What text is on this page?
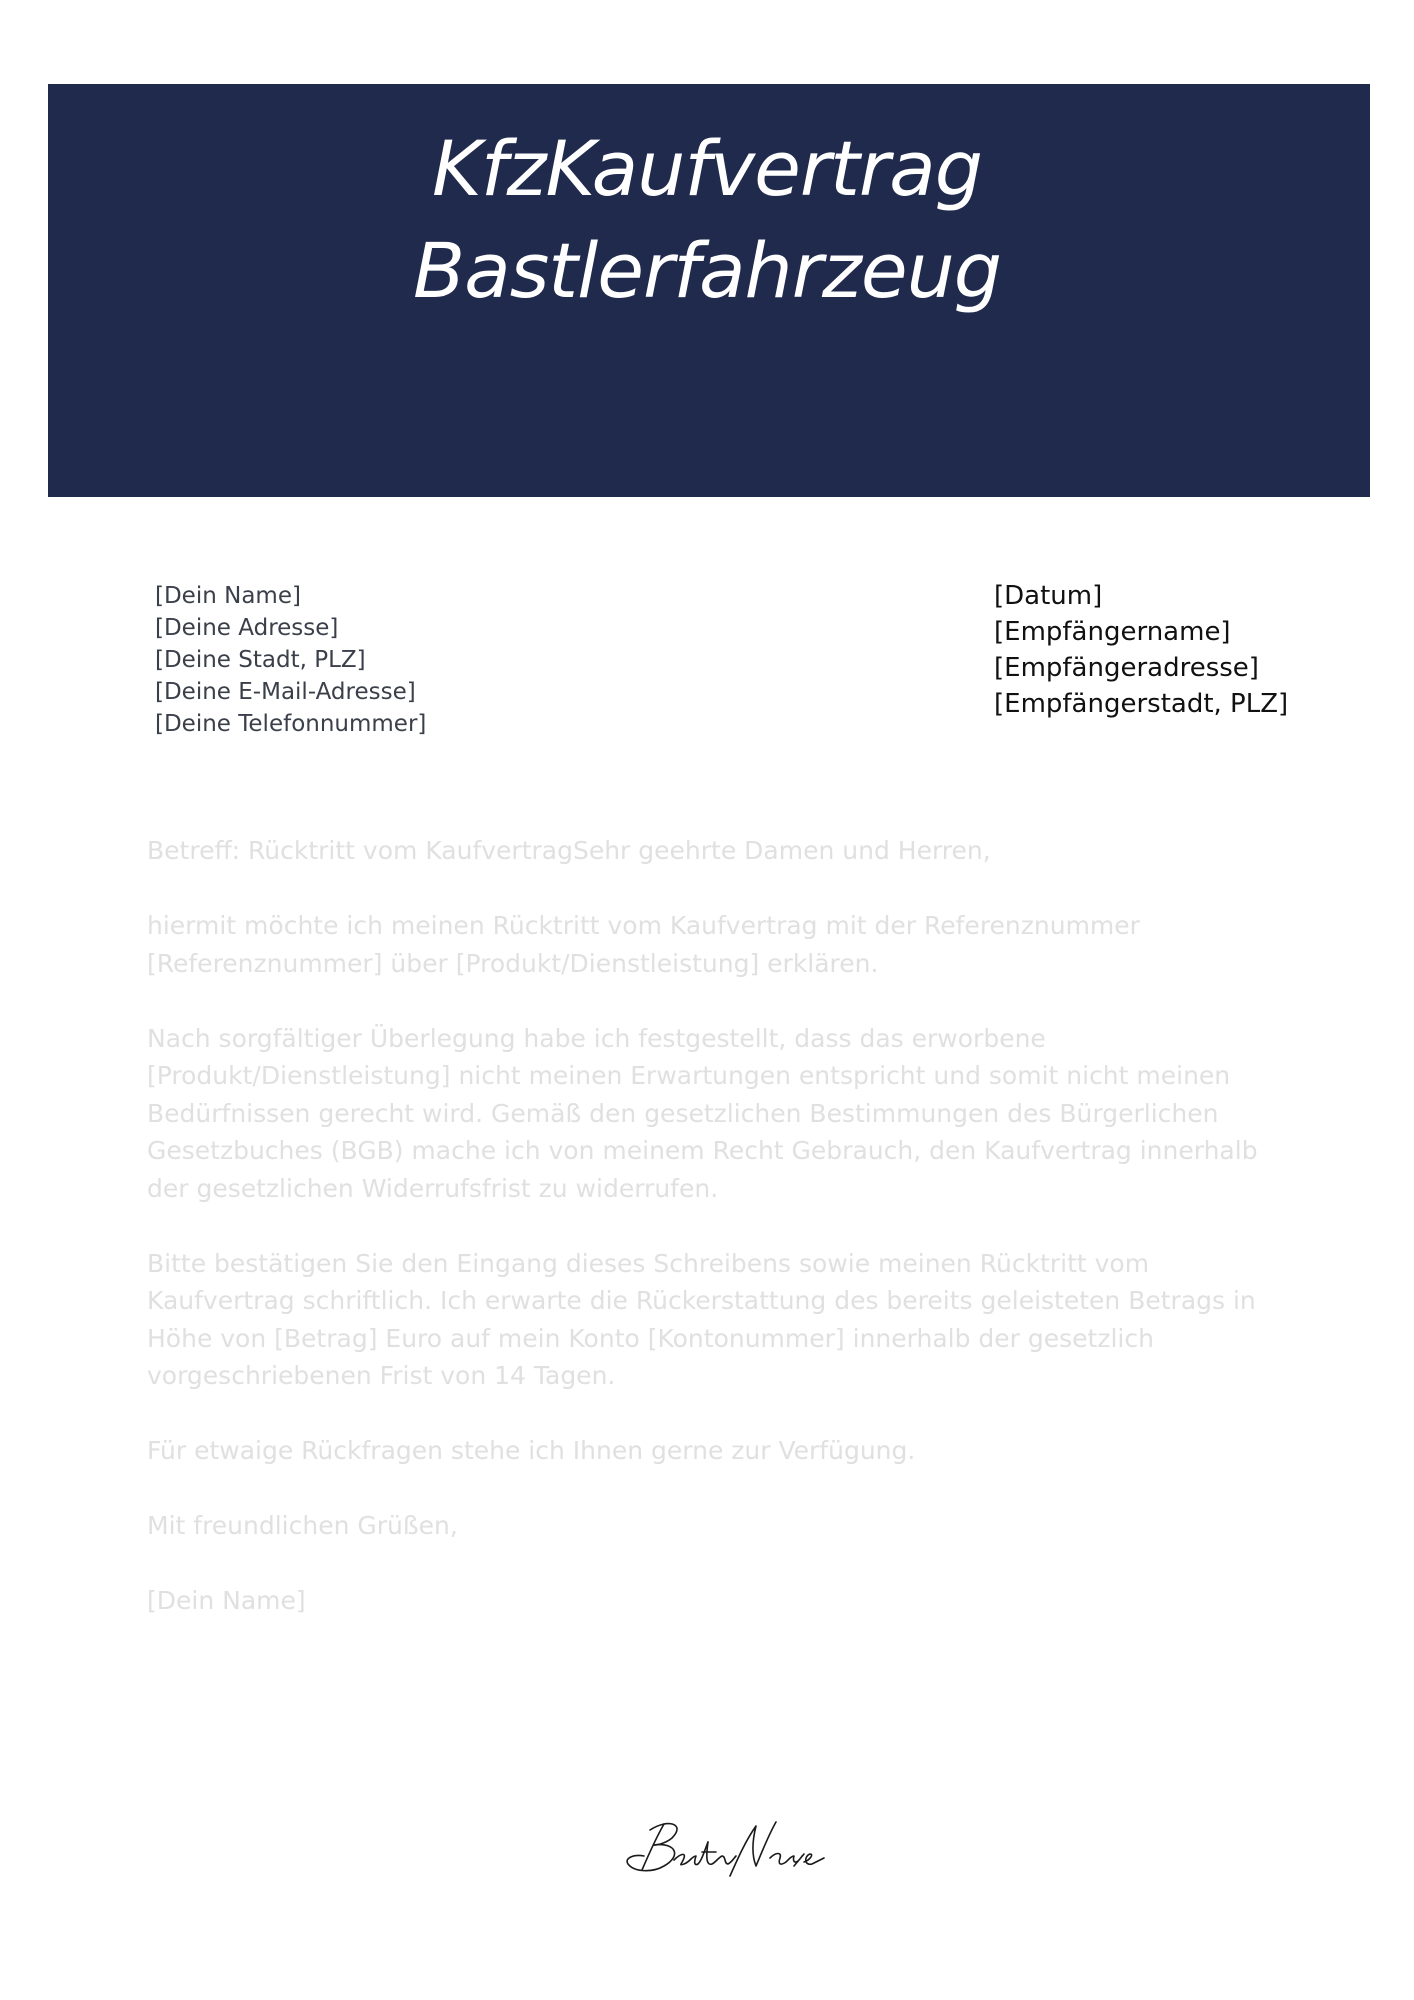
KfzKaufvertrag
Bastlerfahrzeug
[Dein Name]
[Deine Adresse]
[Deine Stadt, PLZ]
[Deine E-Mail-Adresse]
[Deine Telefonnummer]
[Datum]
[Empfängername]
[Empfängeradresse]
[Empfängerstadt, PLZ]

Betreff: Rücktritt vom KaufvertragSehr geehrte Damen und Herren,

hiermit möchte ich meinen Rücktritt vom Kaufvertrag mit der Referenznummer [Referenznummer] über [Produkt/Dienstleistung] erklären.

Nach sorgfältiger Überlegung habe ich festgestellt, dass das erworbene [Produkt/Dienstleistung] nicht meinen Erwartungen entspricht und somit nicht meinen Bedürfnissen gerecht wird. Gemäß den gesetzlichen Bestimmungen des Bürgerlichen Gesetzbuches (BGB) mache ich von meinem Recht Gebrauch, den Kaufvertrag innerhalb der gesetzlichen Widerrufsfrist zu widerrufen.

Bitte bestätigen Sie den Eingang dieses Schreibens sowie meinen Rücktritt vom Kaufvertrag schriftlich. Ich erwarte die Rückerstattung des bereits geleisteten Betrags in Höhe von [Betrag] Euro auf mein Konto [Kontonummer] innerhalb der gesetzlich vorgeschriebenen Frist von 14 Tagen.

Für etwaige Rückfragen stehe ich Ihnen gerne zur Verfügung.

Mit freundlichen Grüßen,

[Dein Name]
